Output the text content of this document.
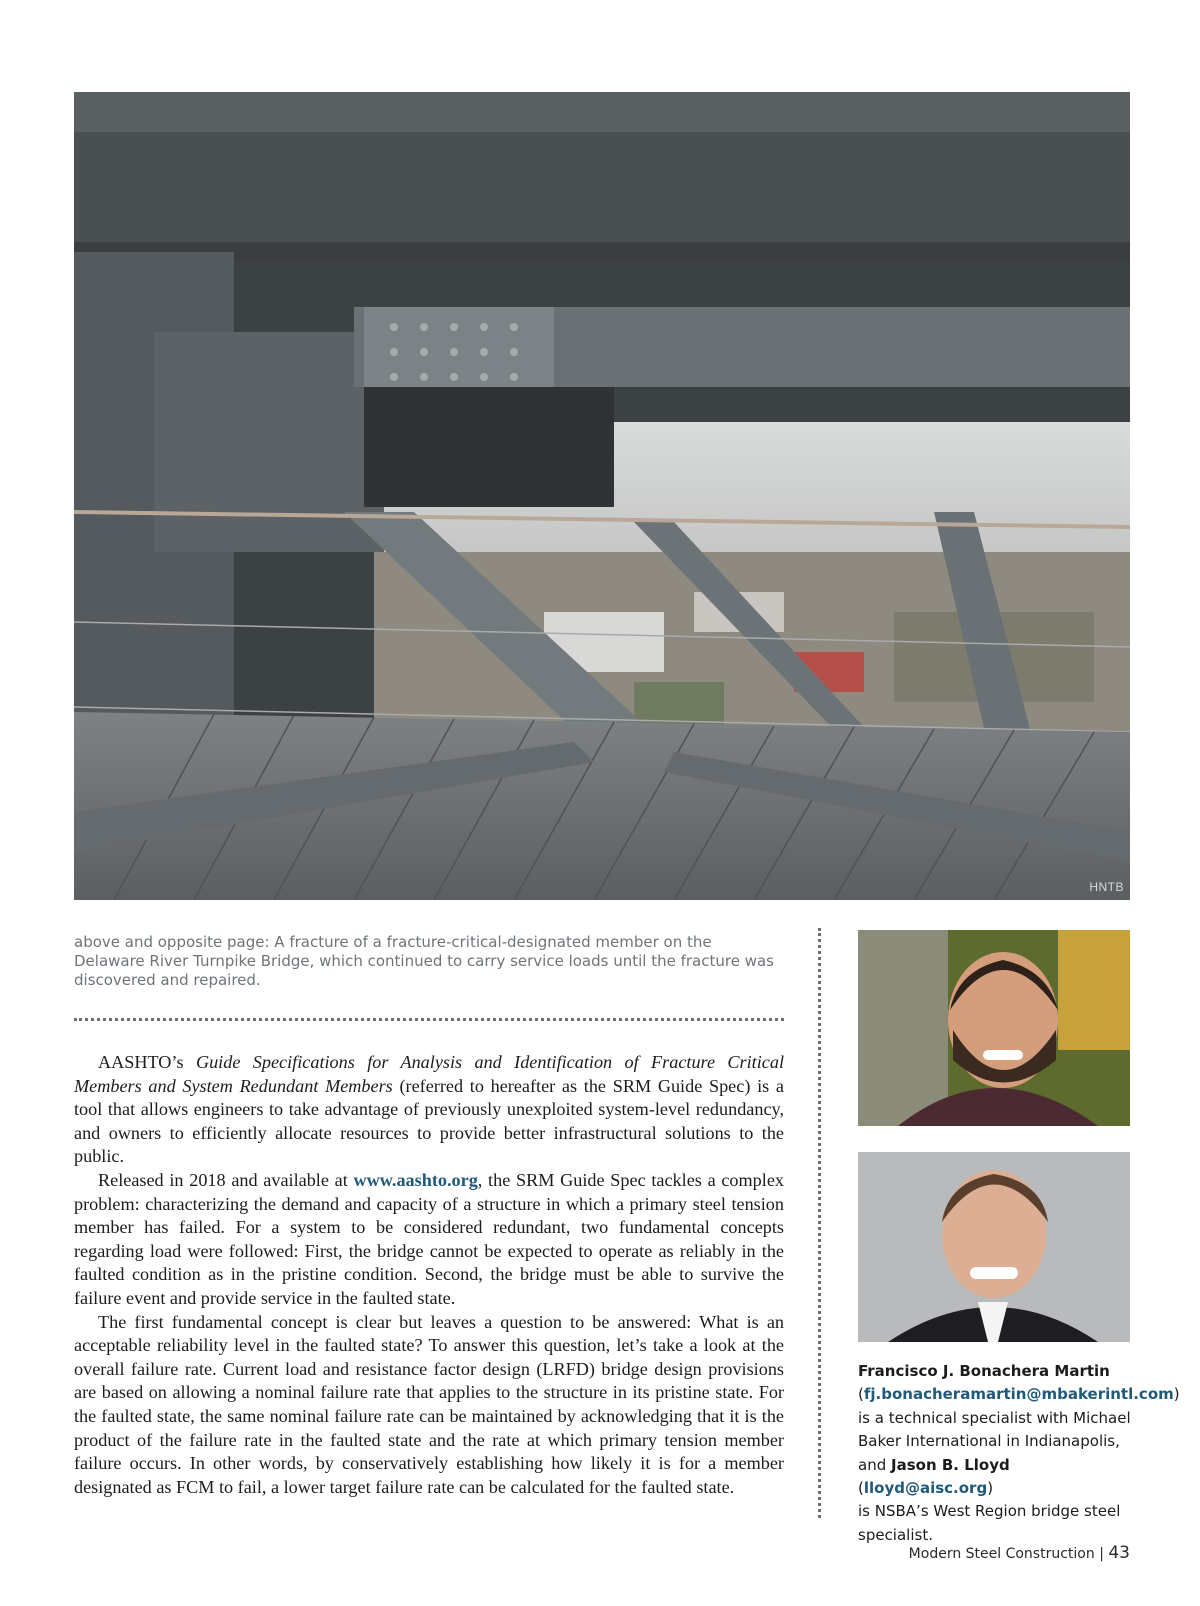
HNTB
above and opposite page: A fracture of a fracture-critical-designated member on the Delaware River Turnpike Bridge, which continued to carry service loads until the fracture was discovered and repaired.

AASHTO’s Guide Specifications for Analysis and Identification of Fracture Critical Members and System Redundant Members (referred to hereafter as the SRM Guide Spec) is a tool that allows engineers to take advantage of previously unexploited system-level redundancy, and owners to efficiently allocate resources to provide better infrastructural solutions to the public.

Released in 2018 and available at www.aashto.org, the SRM Guide Spec tackles a complex problem: characterizing the demand and capacity of a structure in which a primary steel tension member has failed. For a system to be considered redundant, two fundamental concepts regarding load were followed: First, the bridge cannot be expected to operate as reliably in the faulted condition as in the pristine condition. Second, the bridge must be able to survive the failure event and provide service in the faulted state.

The first fundamental concept is clear but leaves a question to be answered: What is an acceptable reliability level in the faulted state? To answer this question, let’s take a look at the overall failure rate. Current load and resistance factor design (LRFD) bridge design provisions are based on allowing a nominal failure rate that applies to the structure in its pristine state. For the faulted state, the same nominal failure rate can be maintained by acknowledging that it is the product of the failure rate in the faulted state and the rate at which primary tension member failure occurs. In other words, by conservatively establishing how likely it is for a member designated as FCM to fail, a lower target failure rate can be calculated for the faulted state.

Francisco J. Bonachera Martin
(fj.bonacheramartin@mbakerintl.com)
is a technical specialist with Michael Baker International in Indianapolis, and Jason B. Lloyd (lloyd@aisc.org)
is NSBA’s West Region bridge steel specialist.
Modern Steel Construction | 43
